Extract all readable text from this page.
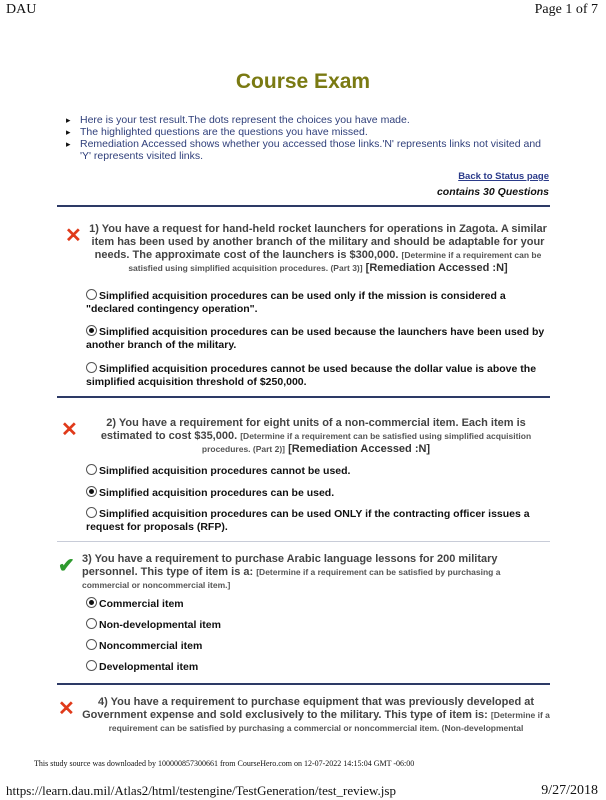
DAU	Page 1 of 7
Course Exam
▸ Here is your test result.The dots represent the choices you have made.
▸ The highlighted questions are the questions you have missed.
▸ Remediation Accessed shows whether you accessed those links.'N' represents links not visited and 'Y' represents visited links.
Back to Status page
contains 30 Questions
✕ 1) You have a request for hand-held rocket launchers for operations in Zagota. A similar item has been used by another branch of the military and should be adaptable for your needs. The approximate cost of the launchers is $300,000. [Determine if a requirement can be satisfied using simplified acquisition procedures. (Part 3)] [Remediation Accessed :N]
Simplified acquisition procedures can be used only if the mission is considered a "declared contingency operation".
Simplified acquisition procedures can be used because the launchers have been used by another branch of the military.
Simplified acquisition procedures cannot be used because the dollar value is above the simplified acquisition threshold of $250,000.
✕	2) You have a requirement for eight units of a non-commercial item. Each item is estimated to cost $35,000. [Determine if a requirement can be satisfied using simplified acquisition procedures. (Part 2)] [Remediation Accessed :N]
Simplified acquisition procedures cannot be used.
Simplified acquisition procedures can be used.
Simplified acquisition procedures can be used ONLY if the contracting officer issues a request for proposals (RFP).
✔ 3) You have a requirement to purchase Arabic language lessons for 200 military personnel. This type of item is a: [Determine if a requirement can be satisfied by purchasing a commercial or noncommercial item.]
Commercial item
Non-developmental item
Noncommercial item
Developmental item
✕	4) You have a requirement to purchase equipment that was previously developed at Government expense and sold exclusively to the military. This type of item is: [Determine if a requirement can be satisfied by purchasing a commercial or noncommercial item. (Non-developmental
This study source was downloaded by 100000857300661 from CourseHero.com on 12-07-2022 14:15:04 GMT -06:00
https://learn.dau.mil/Atlas2/html/testengine/TestGeneration/test_review.jsp	9/27/2018
